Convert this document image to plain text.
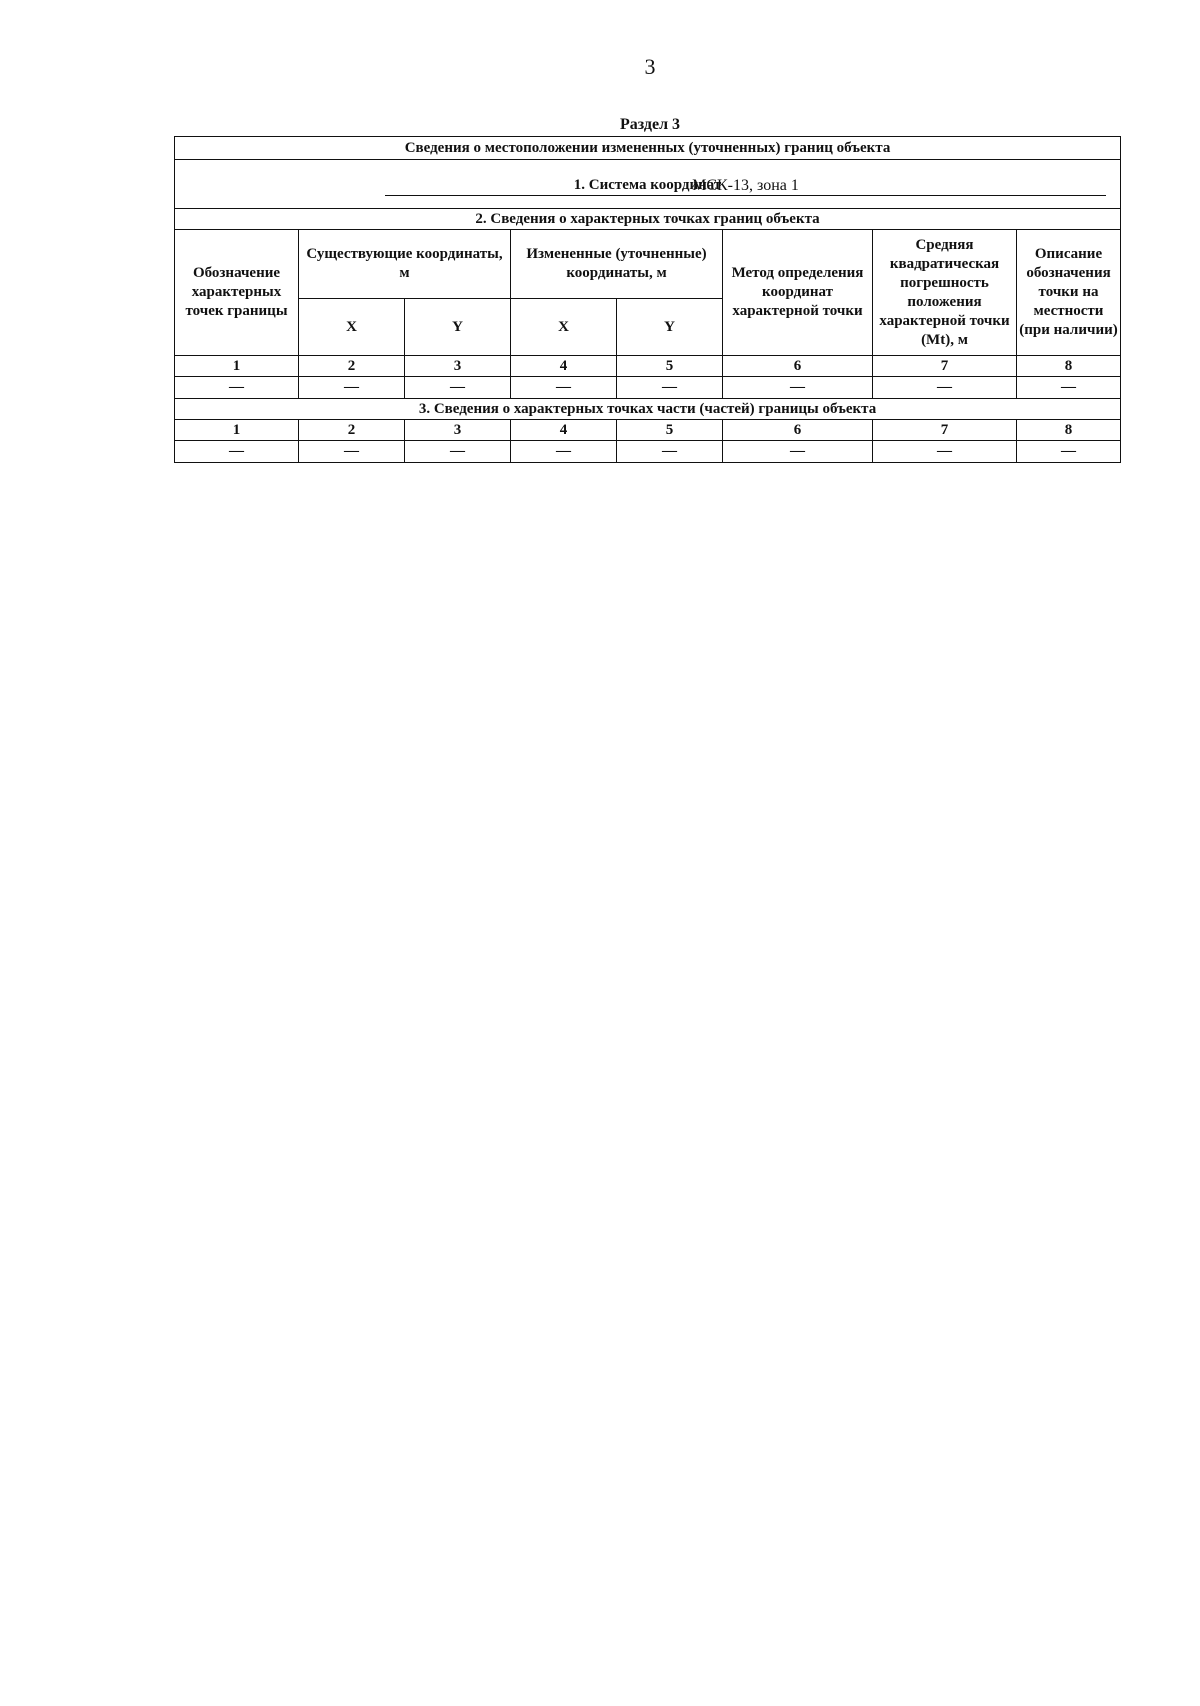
3
Раздел 3
Сведения о местоположении измененных (уточненных) границ объекта							

1. Система координат
МСК-13, зона 1							

2. Сведения о характерных точках границ объекта							
Обозначение характерных точек границы	Существующие координаты, м		Измененные (уточненные) координаты, м		Метод определения координат характерной точки	Средняя квадратическая погрешность положения характерной точки (Mt), м	Описание обозначения точки на местности (при наличии)
	X	Y	X	Y			
1	2	3	4	5	6	7	8
—	—	—	—	—	—	—	—
3. Сведения о характерных точках части (частей) границы объекта							
1	2	3	4	5	6	7	8
—	—	—	—	—	—	—	—
